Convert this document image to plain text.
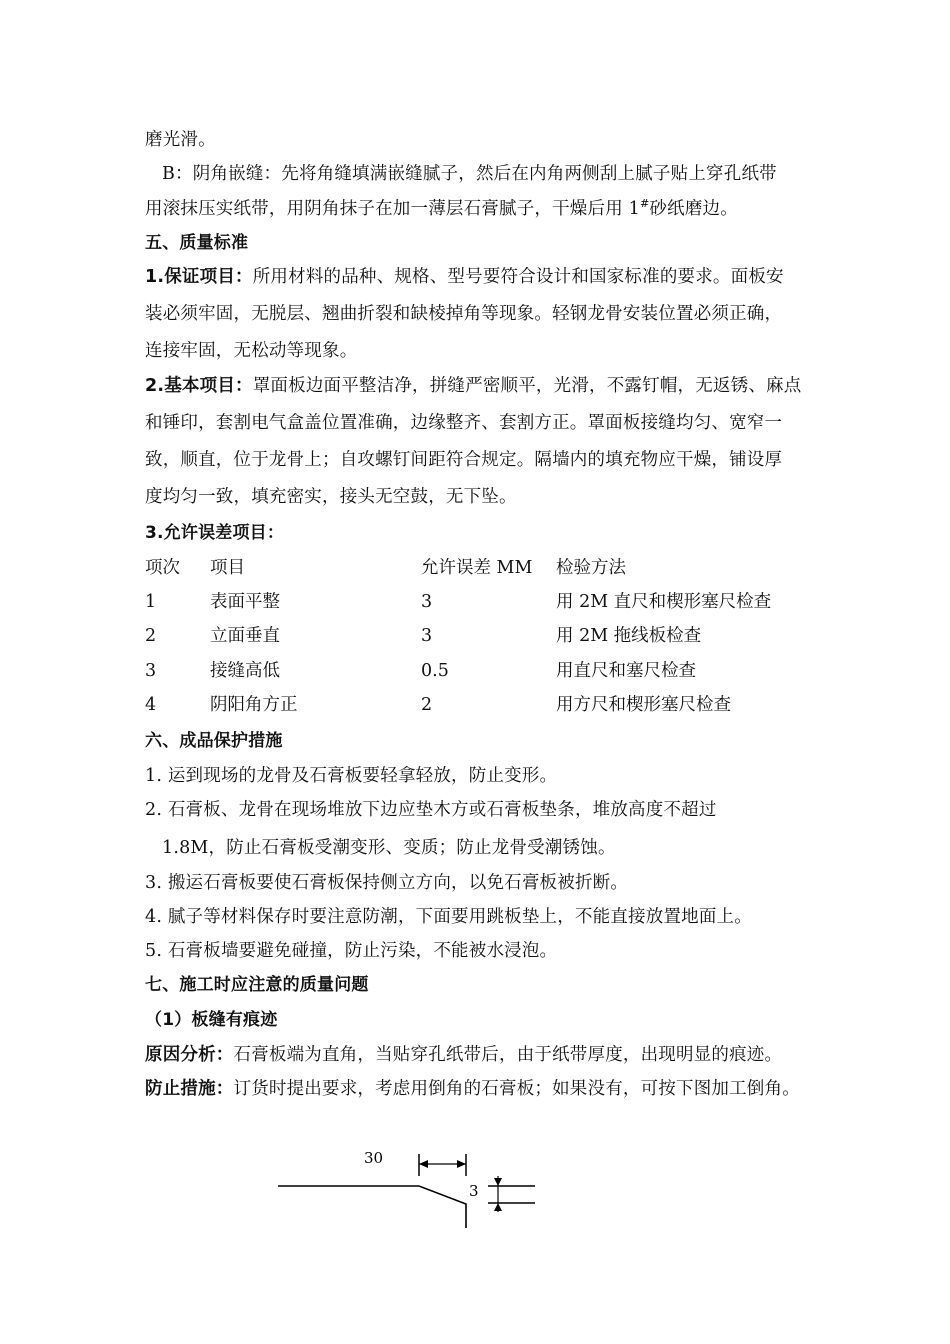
磨光滑。
B：阴角嵌缝：先将角缝填满嵌缝腻子，然后在内角两侧刮上腻子贴上穿孔纸带
用滚抹压实纸带，用阴角抹子在加一薄层石膏腻子，干燥后用 1#砂纸磨边。
五、质量标准
1.保证项目：所用材料的品种、规格、型号要符合设计和国家标准的要求。面板安
装必须牢固，无脱层、翘曲折裂和缺棱掉角等现象。轻钢龙骨安装位置必须正确，
连接牢固，无松动等现象。
2.基本项目：罩面板边面平整洁净，拼缝严密顺平，光滑，不露钉帽，无返锈、麻点
和锤印，套割电气盒盖位置准确，边缘整齐、套割方正。罩面板接缝均匀、宽窄一
致，顺直，位于龙骨上；自攻螺钉间距符合规定。隔墙内的填充物应干燥，铺设厚
度均匀一致，填充密实，接头无空鼓，无下坠。
3.允许误差项目：
项次 项目	允许误差 MM 检验方法
1	表面平整	3	用 2M 直尺和楔形塞尺检查
2	立面垂直	3	用 2M 拖线板检查
3	接缝高低	0.5	用直尺和塞尺检查
4	阴阳角方正	2	用方尺和楔形塞尺检查
六、成品保护措施
1. 运到现场的龙骨及石膏板要轻拿轻放，防止变形。
2. 石膏板、龙骨在现场堆放下边应垫木方或石膏板垫条，堆放高度不超过
1.8M，防止石膏板受潮变形、变质；防止龙骨受潮锈蚀。
3. 搬运石膏板要使石膏板保持侧立方向，以免石膏板被折断。
4. 腻子等材料保存时要注意防潮，下面要用跳板垫上，不能直接放置地面上。
5. 石膏板墙要避免碰撞，防止污染，不能被水浸泡。
七、施工时应注意的质量问题
（1）板缝有痕迹
原因分析：石膏板端为直角，当贴穿孔纸带后，由于纸带厚度，出现明显的痕迹。
防止措施：订货时提出要求，考虑用倒角的石膏板；如果没有，可按下图加工倒角。
30
3
